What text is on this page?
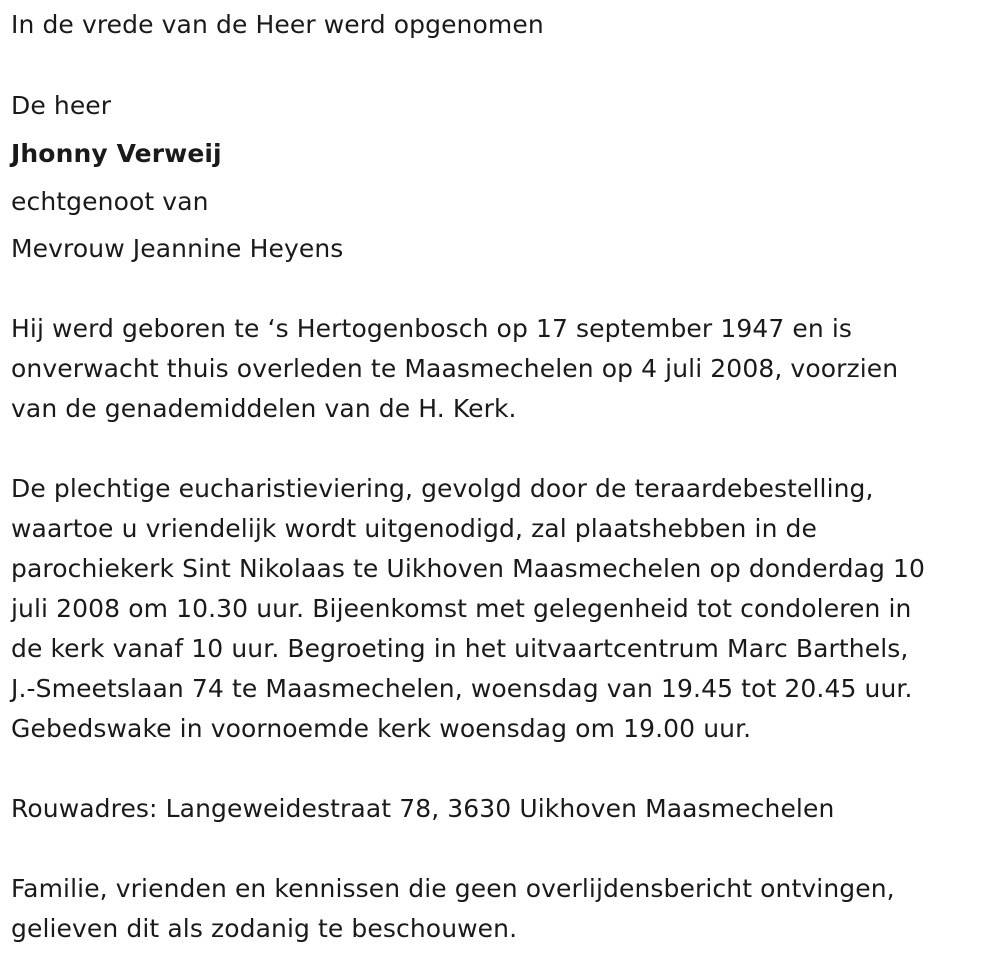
In de vrede van de Heer werd opgenomen

De heer

Jhonny Verweij

echtgenoot van

Mevrouw Jeannine Heyens

Hij werd geboren te ‘s Hertogenbosch op 17 september 1947 en is

onverwacht thuis overleden te Maasmechelen op 4 juli 2008, voorzien

van de genademiddelen van de H. Kerk.

De plechtige eucharistieviering, gevolgd door de teraardebestelling,

waartoe u vriendelijk wordt uitgenodigd, zal plaatshebben in de

parochiekerk Sint Nikolaas te Uikhoven Maasmechelen op donderdag 10

juli 2008 om 10.30 uur. Bijeenkomst met gelegenheid tot condoleren in

de kerk vanaf 10 uur. Begroeting in het uitvaartcentrum Marc Barthels,

J.-Smeetslaan 74 te Maasmechelen, woensdag van 19.45 tot 20.45 uur.

Gebedswake in voornoemde kerk woensdag om 19.00 uur.

Rouwadres: Langeweidestraat 78, 3630 Uikhoven Maasmechelen

Familie, vrienden en kennissen die geen overlijdensbericht ontvingen,

gelieven dit als zodanig te beschouwen.
